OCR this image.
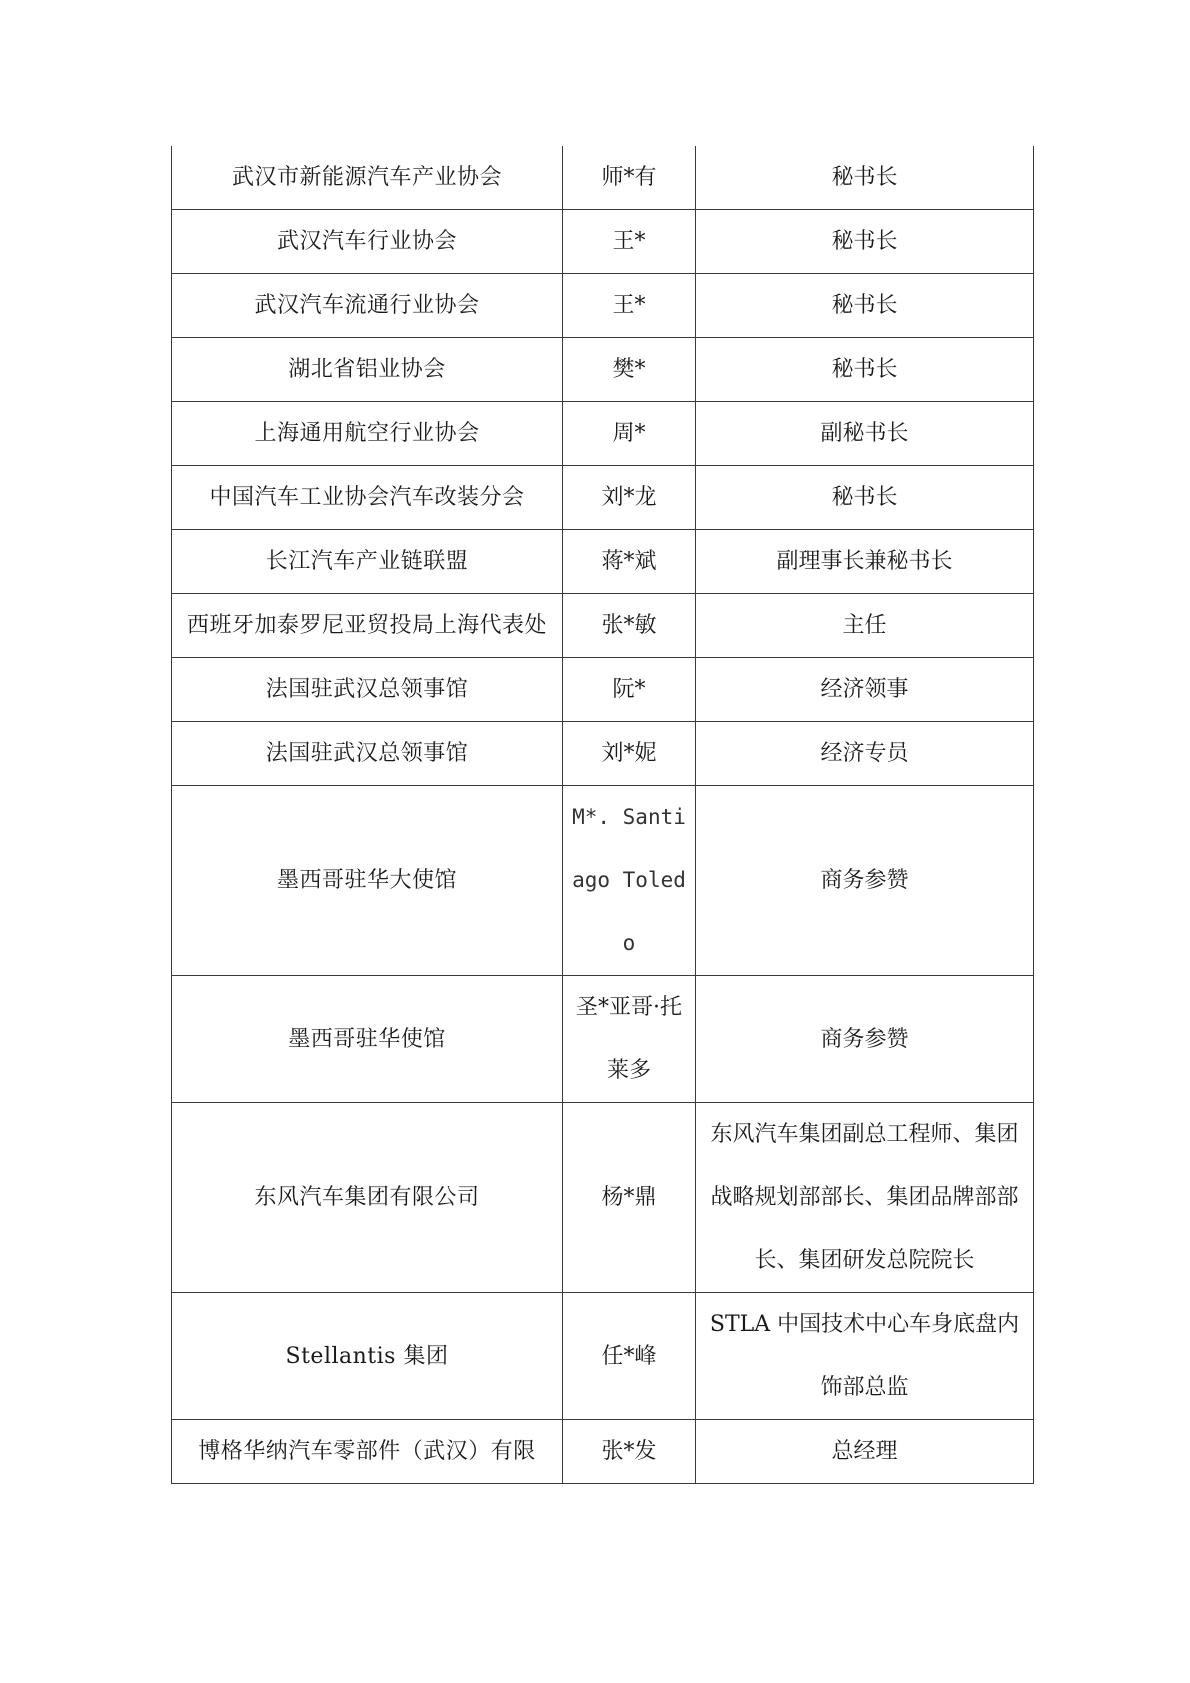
武汉市新能源汽车产业协会	师*有	秘书长
武汉汽车行业协会	王*	秘书长
武汉汽车流通行业协会	王*	秘书长
湖北省铝业协会	樊*	秘书长
上海通用航空行业协会	周*	副秘书长
中国汽车工业协会汽车改装分会	刘*龙	秘书长
长江汽车产业链联盟	蒋*斌	副理事长兼秘书长
西班牙加泰罗尼亚贸投局上海代表处	张*敏	主任
法国驻武汉总领事馆	阮*	经济领事
法国驻武汉总领事馆	刘*妮	经济专员
墨西哥驻华大使馆	M*. Santiago Toledo	商务参赞
墨西哥驻华使馆	圣*亚哥·托莱多	商务参赞
东风汽车集团有限公司	杨*鼎	东风汽车集团副总工程师、集团战略规划部部长、集团品牌部部长、集团研发总院院长
Stellantis 集团	任*峰	STLA 中国技术中心车身底盘内饰部总监
博格华纳汽车零部件（武汉）有限	张*发	总经理
